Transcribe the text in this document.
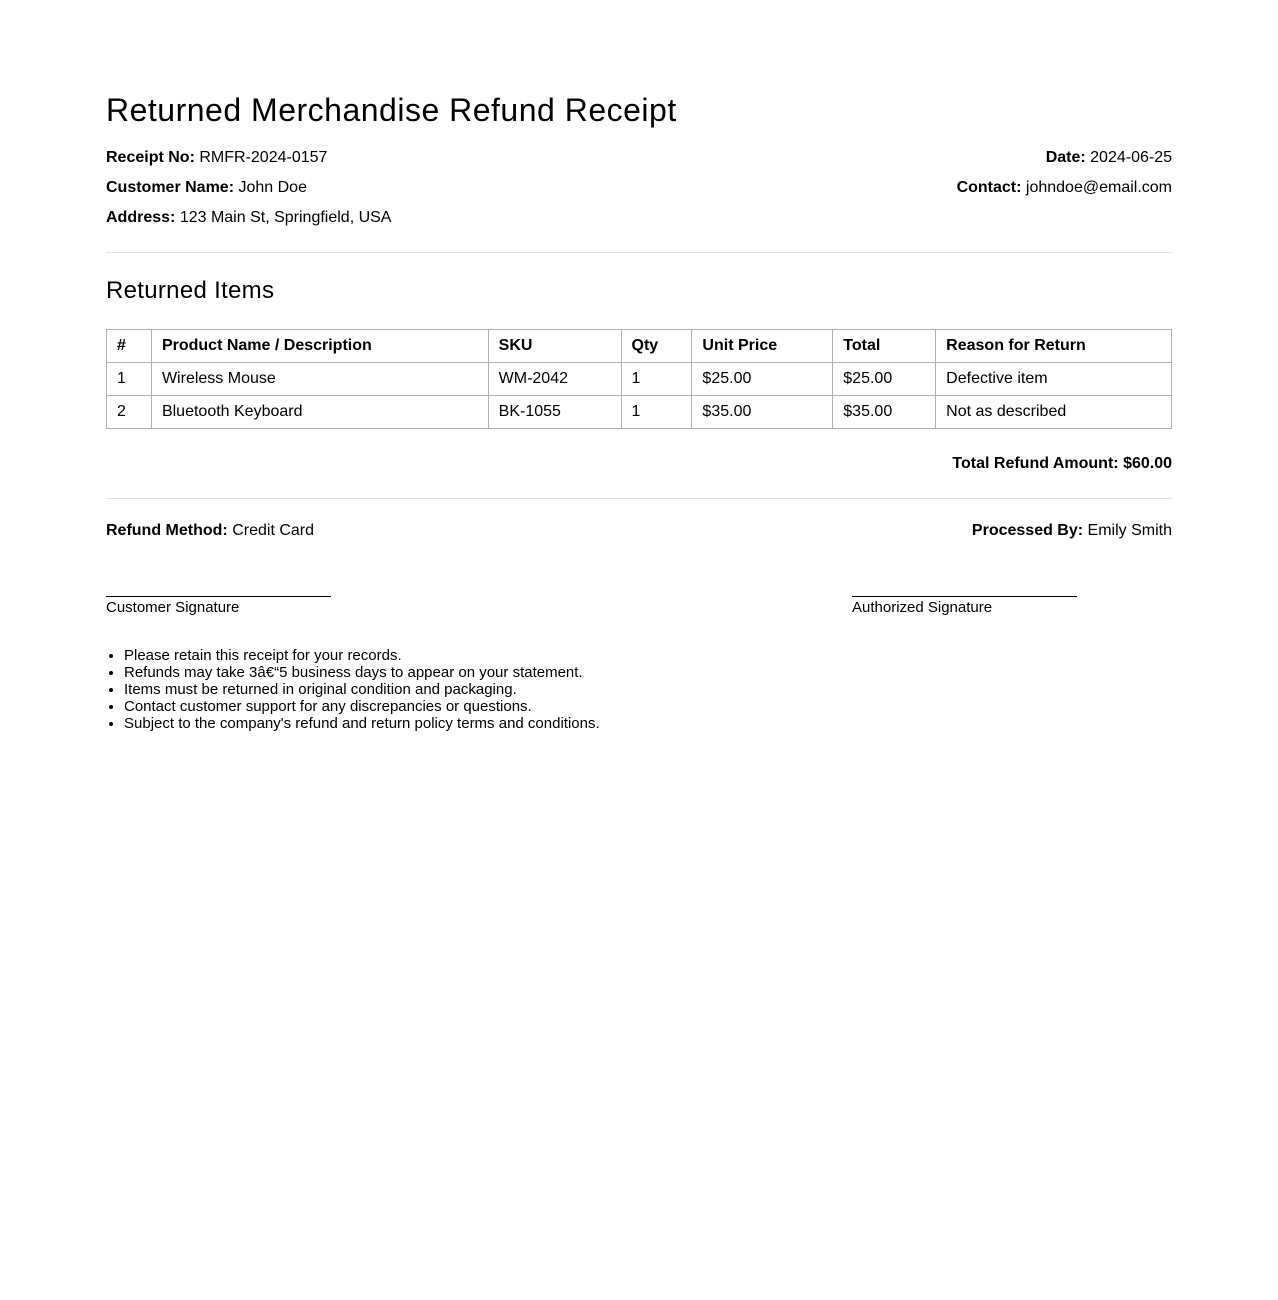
Returned Merchandise Refund Receipt
Receipt No: RMFR-2024-0157	Date: 2024-06-25
Customer Name: John Doe	Contact: johndoe@email.com
Address: 123 Main St, Springfield, USA
Returned Items
#	Product Name / Description	SKU	Qty	Unit Price	Total	Reason for Return
1	Wireless Mouse	WM-2042	1	$25.00	$25.00	Defective item
2	Bluetooth Keyboard	BK-1055	1	$35.00	$35.00	Not as described
Total Refund Amount: $60.00
Refund Method: Credit Card	Processed By: Emily Smith
Customer Signature	Authorized Signature
• Please retain this receipt for your records.
• Refunds may take 3â€“5 business days to appear on your statement.
• Items must be returned in original condition and packaging.
• Contact customer support for any discrepancies or questions.
• Subject to the company's refund and return policy terms and conditions.
